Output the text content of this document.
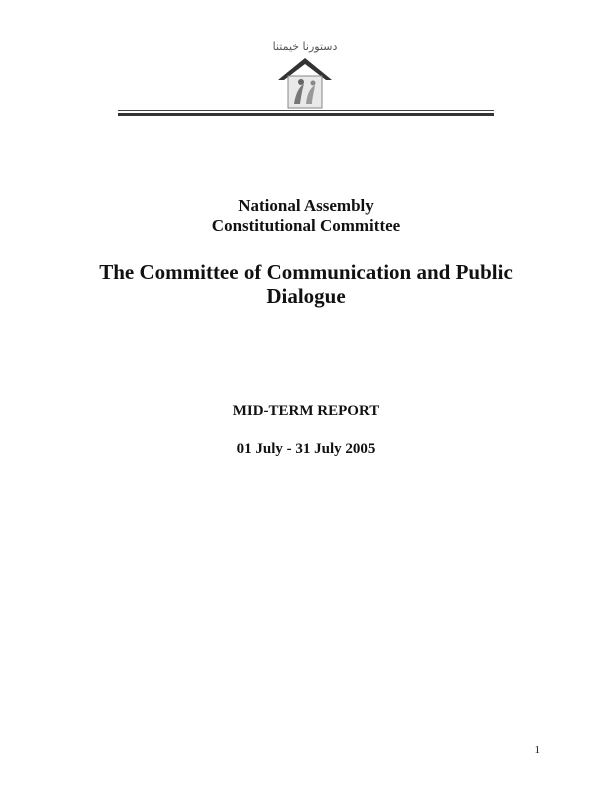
دستورنا خيمتنا
National Assembly
Constitutional Committee
The Committee of Communication and Public
Dialogue
MID-TERM REPORT
01 July - 31 July 2005
1
